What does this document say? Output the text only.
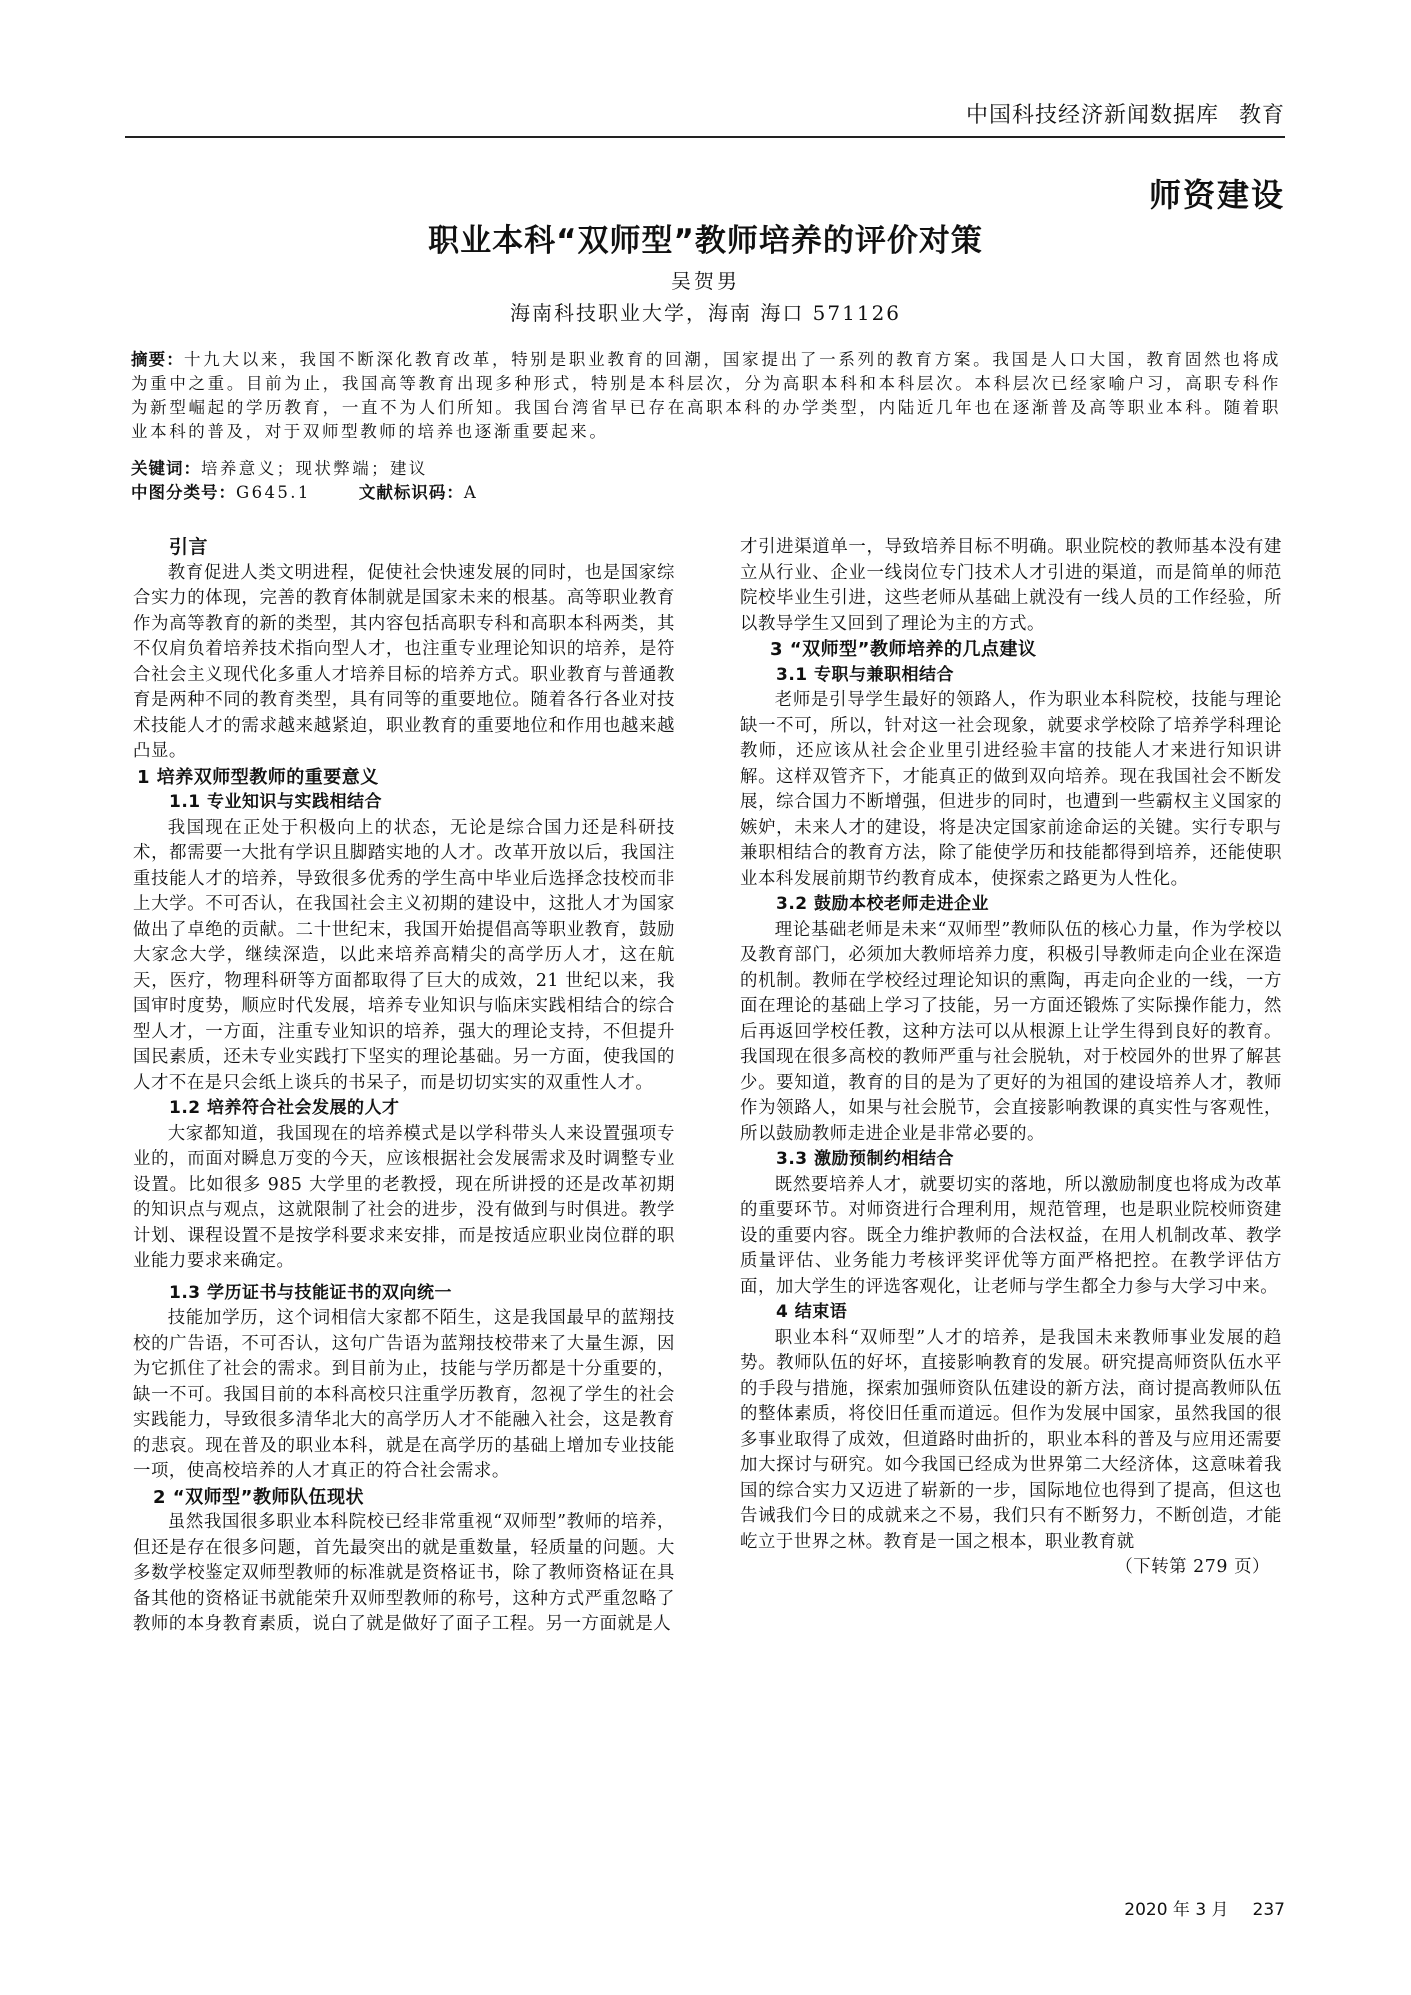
中国科技经济新闻数据库 教育
师资建设
职业本科“双师型”教师培养的评价对策
吴贺男
海南科技职业大学，海南 海口 571126
摘要：十九大以来，我国不断深化教育改革，特别是职业教育的回潮，国家提出了一系列的教育方案。我国是人口大国，教育固然也将成为重中之重。目前为止，我国高等教育出现多种形式，特别是本科层次，分为高职本科和本科层次。本科层次已经家喻户习，高职专科作为新型崛起的学历教育，一直不为人们所知。我国台湾省早已存在高职本科的办学类型，内陆近几年也在逐渐普及高等职业本科。随着职业本科的普及，对于双师型教师的培养也逐渐重要起来。
关键词：培养意义；现状弊端；建议
中图分类号：G645.1	文献标识码：A
引言

教育促进人类文明进程，促使社会快速发展的同时，也是国家综合实力的体现，完善的教育体制就是国家未来的根基。高等职业教育作为高等教育的新的类型，其内容包括高职专科和高职本科两类，其不仅肩负着培养技术指向型人才，也注重专业理论知识的培养，是符合社会主义现代化多重人才培养目标的培养方式。职业教育与普通教育是两种不同的教育类型，具有同等的重要地位。随着各行各业对技术技能人才的需求越来越紧迫，职业教育的重要地位和作用也越来越凸显。

1 培养双师型教师的重要意义
1.1 专业知识与实践相结合

我国现在正处于积极向上的状态，无论是综合国力还是科研技术，都需要一大批有学识且脚踏实地的人才。改革开放以后，我国注重技能人才的培养，导致很多优秀的学生高中毕业后选择念技校而非上大学。不可否认，在我国社会主义初期的建设中，这批人才为国家做出了卓绝的贡献。二十世纪末，我国开始提倡高等职业教育，鼓励大家念大学，继续深造，以此来培养高精尖的高学历人才，这在航天，医疗，物理科研等方面都取得了巨大的成效，21 世纪以来，我国审时度势，顺应时代发展，培养专业知识与临床实践相结合的综合型人才，一方面，注重专业知识的培养，强大的理论支持，不但提升国民素质，还未专业实践打下坚实的理论基础。另一方面，使我国的人才不在是只会纸上谈兵的书呆子，而是切切实实的双重性人才。

1.2 培养符合社会发展的人才

大家都知道，我国现在的培养模式是以学科带头人来设置强项专业的，而面对瞬息万变的今天，应该根据社会发展需求及时调整专业设置。比如很多 985 大学里的老教授，现在所讲授的还是改革初期的知识点与观点，这就限制了社会的进步，没有做到与时俱进。教学计划、课程设置不是按学科要求来安排，而是按适应职业岗位群的职业能力要求来确定。

1.3 学历证书与技能证书的双向统一

技能加学历，这个词相信大家都不陌生，这是我国最早的蓝翔技校的广告语，不可否认，这句广告语为蓝翔技校带来了大量生源，因为它抓住了社会的需求。到目前为止，技能与学历都是十分重要的，缺一不可。我国目前的本科高校只注重学历教育，忽视了学生的社会实践能力，导致很多清华北大的高学历人才不能融入社会，这是教育的悲哀。现在普及的职业本科，就是在高学历的基础上增加专业技能一项，使高校培养的人才真正的符合社会需求。

2 “双师型”教师队伍现状

虽然我国很多职业本科院校已经非常重视“双师型”教师的培养，但还是存在很多问题，首先最突出的就是重数量，轻质量的问题。大多数学校鉴定双师型教师的标准就是资格证书，除了教师资格证在具备其他的资格证书就能荣升双师型教师的称号，这种方式严重忽略了教师的本身教育素质，说白了就是做好了面子工程。另一方面就是人

才引进渠道单一，导致培养目标不明确。职业院校的教师基本没有建立从行业、企业一线岗位专门技术人才引进的渠道，而是简单的师范院校毕业生引进，这些老师从基础上就没有一线人员的工作经验，所以教导学生又回到了理论为主的方式。

3 “双师型”教师培养的几点建议
3.1 专职与兼职相结合

老师是引导学生最好的领路人，作为职业本科院校，技能与理论缺一不可，所以，针对这一社会现象，就要求学校除了培养学科理论教师，还应该从社会企业里引进经验丰富的技能人才来进行知识讲解。这样双管齐下，才能真正的做到双向培养。现在我国社会不断发展，综合国力不断增强，但进步的同时，也遭到一些霸权主义国家的嫉妒，未来人才的建设，将是决定国家前途命运的关键。实行专职与兼职相结合的教育方法，除了能使学历和技能都得到培养，还能使职业本科发展前期节约教育成本，使探索之路更为人性化。

3.2 鼓励本校老师走进企业

理论基础老师是未来“双师型”教师队伍的核心力量，作为学校以及教育部门，必须加大教师培养力度，积极引导教师走向企业在深造的机制。教师在学校经过理论知识的熏陶，再走向企业的一线，一方面在理论的基础上学习了技能，另一方面还锻炼了实际操作能力，然后再返回学校任教，这种方法可以从根源上让学生得到良好的教育。我国现在很多高校的教师严重与社会脱轨，对于校园外的世界了解甚少。要知道，教育的目的是为了更好的为祖国的建设培养人才，教师作为领路人，如果与社会脱节，会直接影响教课的真实性与客观性，所以鼓励教师走进企业是非常必要的。

3.3 激励预制约相结合

既然要培养人才，就要切实的落地，所以激励制度也将成为改革的重要环节。对师资进行合理利用，规范管理，也是职业院校师资建设的重要内容。既全力维护教师的合法权益，在用人机制改革、教学质量评估、业务能力考核评奖评优等方面严格把控。在教学评估方面，加大学生的评选客观化，让老师与学生都全力参与大学习中来。

4 结束语

职业本科“双师型”人才的培养，是我国未来教师事业发展的趋势。教师队伍的好坏，直接影响教育的发展。研究提高师资队伍水平的手段与措施，探索加强师资队伍建设的新方法，商讨提高教师队伍的整体素质，将佼旧任重而道远。但作为发展中国家，虽然我国的很多事业取得了成效，但道路时曲折的，职业本科的普及与应用还需要加大探讨与研究。如今我国已经成为世界第二大经济体，这意味着我国的综合实力又迈进了崭新的一步，国际地位也得到了提高，但这也告诫我们今日的成就来之不易，我们只有不断努力，不断创造，才能屹立于世界之林。教育是一国之根本，职业教育就

（下转第 279 页）
2020 年 3 月 237
